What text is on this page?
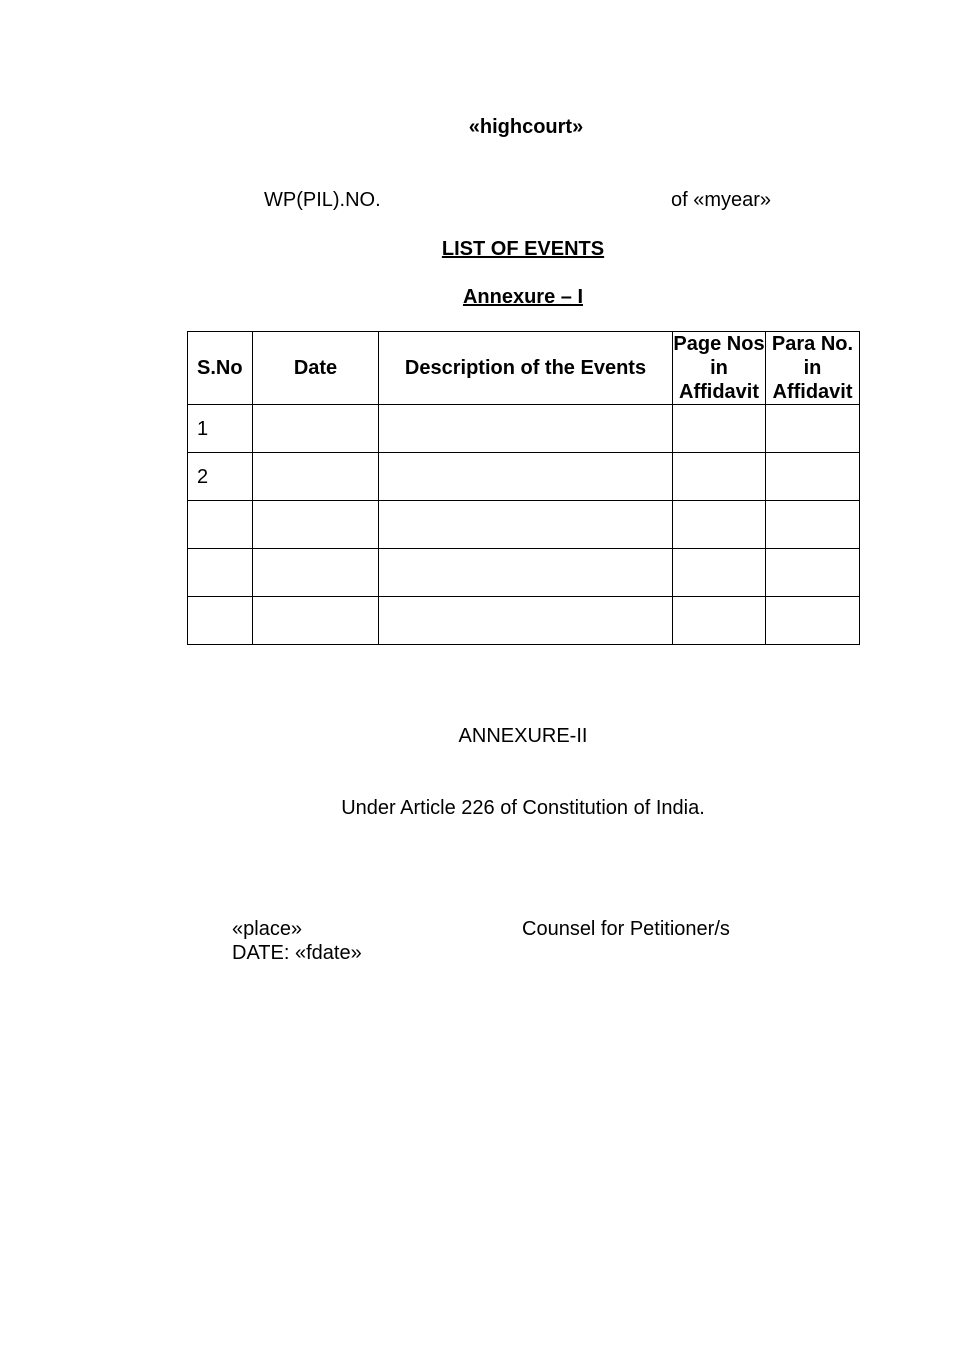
«highcourt»
WP(PIL).NO.	of «myear»
LIST OF EVENTS
Annexure – I
S.No	Date	Description of the Events	Page Nos in Affidavit	Para No. in Affidavit
1				
2				

ANNEXURE-II
Under Article 226 of Constitution of India.
«place»
DATE: «fdate»
Counsel for Petitioner/s
